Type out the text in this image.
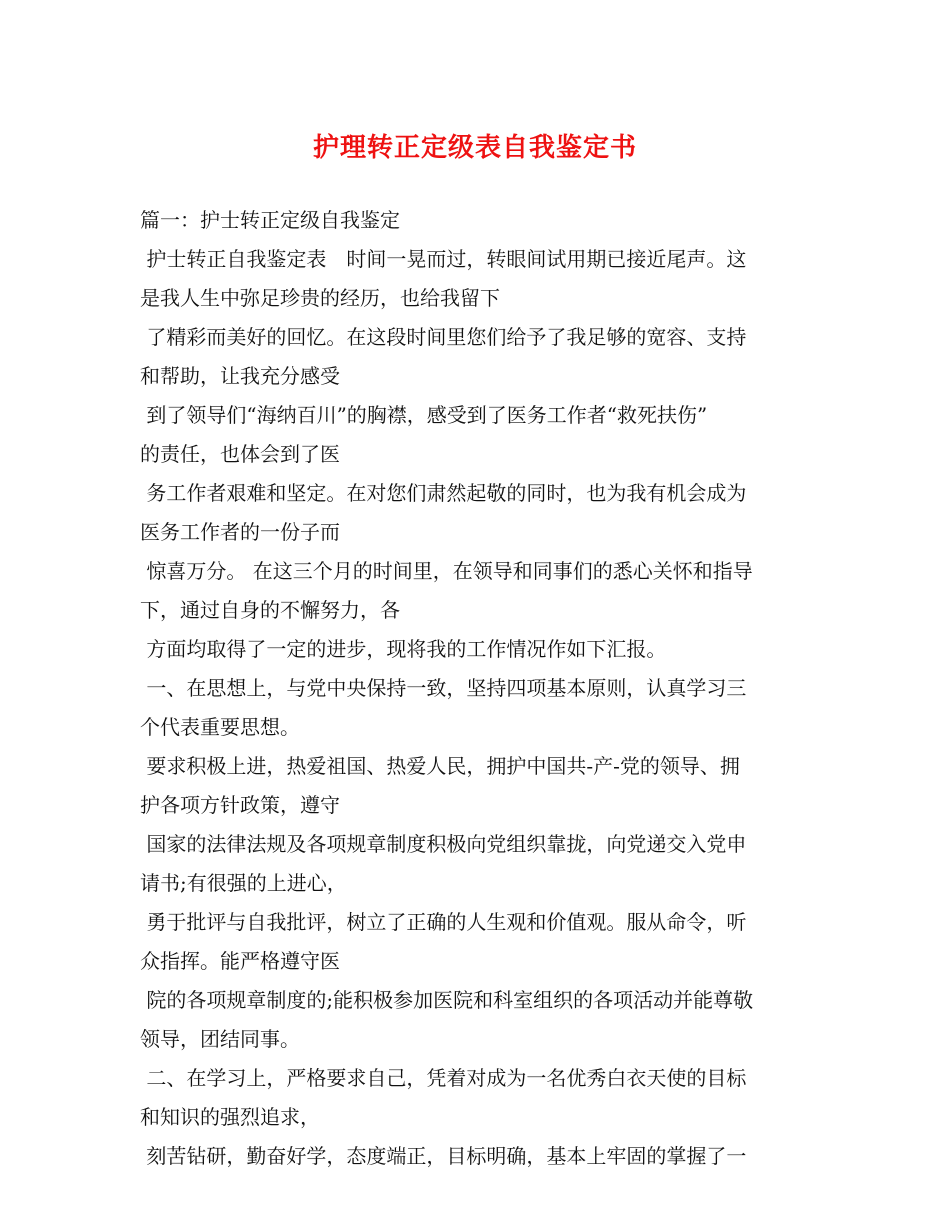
护理转正定级表自我鉴定书
篇一：护士转正定级自我鉴定
护士转正自我鉴定表　时间一晃而过，转眼间试用期已接近尾声。这
是我人生中弥足珍贵的经历，也给我留下
了精彩而美好的回忆。在这段时间里您们给予了我足够的宽容、支持
和帮助，让我充分感受
到了领导们“海纳百川”的胸襟，感受到了医务工作者“救死扶伤”
的责任，也体会到了医
务工作者艰难和坚定。在对您们肃然起敬的同时，也为我有机会成为
医务工作者的一份子而
惊喜万分。 在这三个月的时间里，在领导和同事们的悉心关怀和指导
下，通过自身的不懈努力，各
方面均取得了一定的进步，现将我的工作情况作如下汇报。
一、在思想上，与党中央保持一致，坚持四项基本原则，认真学习三
个代表重要思想。
要求积极上进，热爱祖国、热爱人民，拥护中国共-产-党的领导、拥
护各项方针政策，遵守
国家的法律法规及各项规章制度积极向党组织靠拢，向党递交入党申
请书;有很强的上进心，
勇于批评与自我批评，树立了正确的人生观和价值观。服从命令，听
众指挥。能严格遵守医
院的各项规章制度的;能积极参加医院和科室组织的各项活动并能尊敬
领导，团结同事。
二、在学习上，严格要求自己，凭着对成为一名优秀白衣天使的目标
和知识的强烈追求，
刻苦钻研，勤奋好学，态度端正，目标明确，基本上牢固的掌握了一
